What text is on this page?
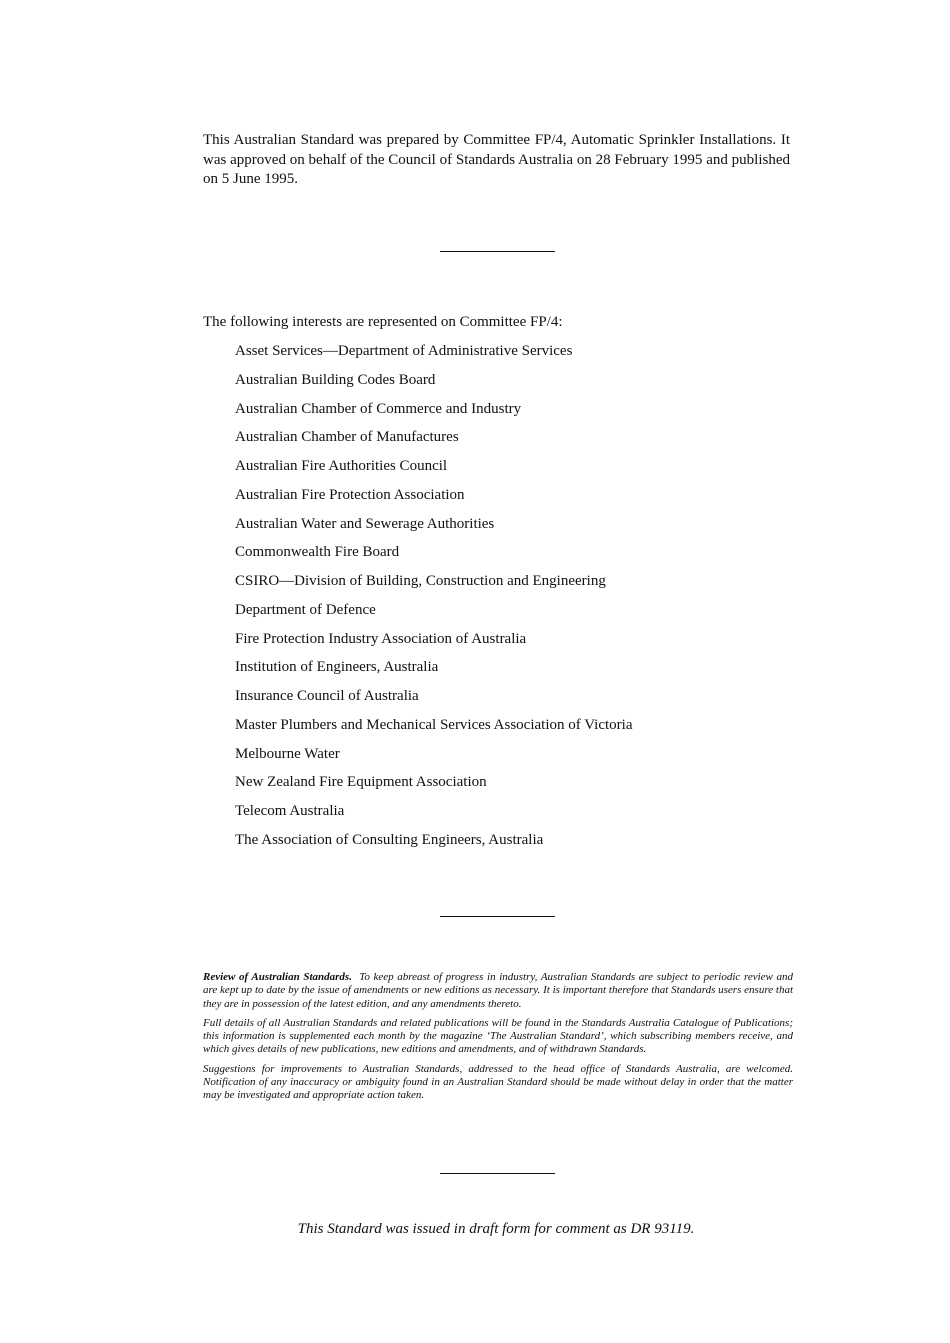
This Australian Standard was prepared by Committee FP/4, Automatic Sprinkler Installations. It was approved on behalf of the Council of Standards Australia on 28 February 1995 and published on 5 June 1995.

The following interests are represented on Committee FP/4:

Asset Services—Department of Administrative Services
Australian Building Codes Board
Australian Chamber of Commerce and Industry
Australian Chamber of Manufactures
Australian Fire Authorities Council
Australian Fire Protection Association
Australian Water and Sewerage Authorities
Commonwealth Fire Board
CSIRO—Division of Building, Construction and Engineering
Department of Defence
Fire Protection Industry Association of Australia
Institution of Engineers, Australia
Insurance Council of Australia
Master Plumbers and Mechanical Services Association of Victoria
Melbourne Water
New Zealand Fire Equipment Association
Telecom Australia
The Association of Consulting Engineers, Australia

Review of Australian Standards. To keep abreast of progress in industry, Australian Standards are subject to periodic review and are kept up to date by the issue of amendments or new editions as necessary. It is important therefore that Standards users ensure that they are in possession of the latest edition, and any amendments thereto.

Full details of all Australian Standards and related publications will be found in the Standards Australia Catalogue of Publications; this information is supplemented each month by the magazine ‘The Australian Standard’, which subscribing members receive, and which gives details of new publications, new editions and amendments, and of withdrawn Standards.

Suggestions for improvements to Australian Standards, addressed to the head office of Standards Australia, are welcomed. Notification of any inaccuracy or ambiguity found in an Australian Standard should be made without delay in order that the matter may be investigated and appropriate action taken.

This Standard was issued in draft form for comment as DR 93119.
